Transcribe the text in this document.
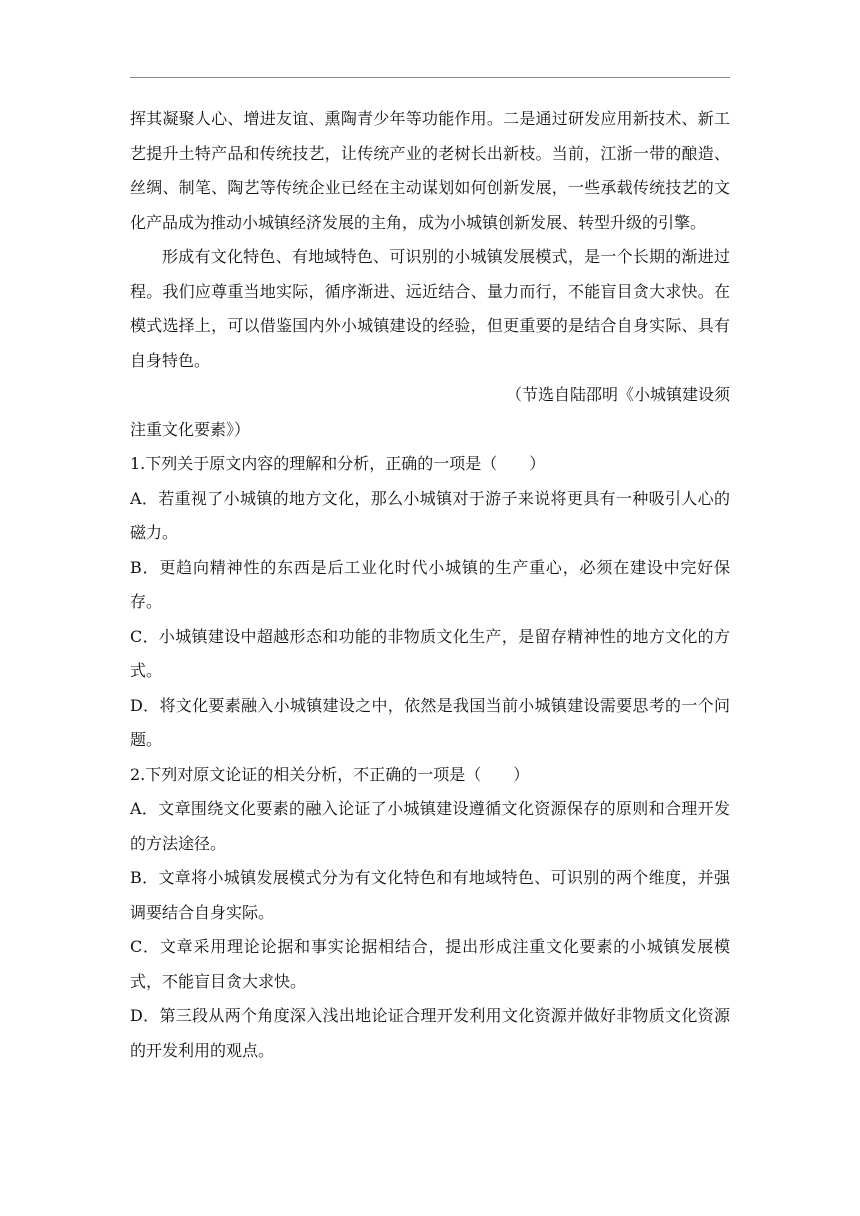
挥其凝聚人心、增进友谊、熏陶青少年等功能作用。二是通过研发应用新技术、新工艺提升土特产品和传统技艺，让传统产业的老树长出新枝。当前，江浙一带的酿造、丝绸、制笔、陶艺等传统企业已经在主动谋划如何创新发展，一些承载传统技艺的文化产品成为推动小城镇经济发展的主角，成为小城镇创新发展、转型升级的引擎。

形成有文化特色、有地域特色、可识别的小城镇发展模式，是一个长期的渐进过程。我们应尊重当地实际，循序渐进、远近结合、量力而行，不能盲目贪大求快。在模式选择上，可以借鉴国内外小城镇建设的经验，但更重要的是结合自身实际、具有自身特色。

（节选自陆邵明《小城镇建设须

注重文化要素》）

1.下列关于原文内容的理解和分析，正确的一项是（　　）

A．若重视了小城镇的地方文化，那么小城镇对于游子来说将更具有一种吸引人心的磁力。

B．更趋向精神性的东西是后工业化时代小城镇的生产重心，必须在建设中完好保存。

C．小城镇建设中超越形态和功能的非物质文化生产，是留存精神性的地方文化的方式。

D．将文化要素融入小城镇建设之中，依然是我国当前小城镇建设需要思考的一个问题。

2.下列对原文论证的相关分析，不正确的一项是（　　）

A．文章围绕文化要素的融入论证了小城镇建设遵循文化资源保存的原则和合理开发的方法途径。

B．文章将小城镇发展模式分为有文化特色和有地域特色、可识别的两个维度，并强调要结合自身实际。

C．文章采用理论论据和事实论据相结合，提出形成注重文化要素的小城镇发展模式，不能盲目贪大求快。

D．第三段从两个角度深入浅出地论证合理开发利用文化资源并做好非物质文化资源的开发利用的观点。
